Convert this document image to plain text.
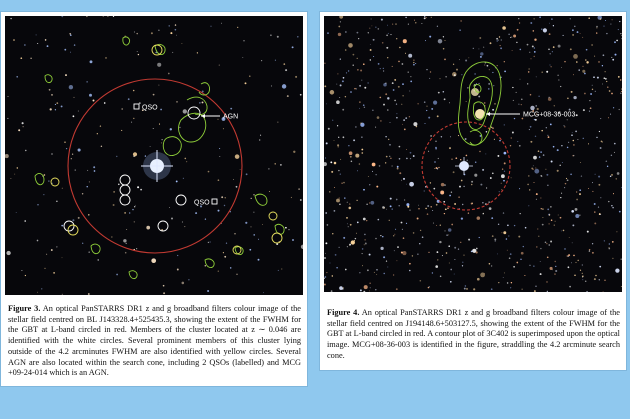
QSO
QSO
AGN

Figure 3. An optical PanSTARRS DR1 z and g broadband filters colour image of the stellar field centred on BL J143328.4+525435.3, showing the extent of the FWHM for the GBT at L-band circled in red. Members of the cluster located at z ∼ 0.046 are identified with the white circles. Several prominent members of this cluster lying outside of the 4.2 arcminutes FWHM are also identified with yellow circles. Several AGN are also located within the search cone, including 2 QSOs (labelled) and MCG +09-24-014 which is an AGN.

MCG+08-36-003

Figure 4. An optical PanSTARRS DR1 z and g broadband filters colour image of the stellar field centred on J194148.6+503127.5, showing the extent of the FWHM for the GBT at L-band circled in red. A contour plot of 3C402 is superimposed upon the optical image. MCG+08-36-003 is identified in the figure, straddling the 4.2 arcminute search cone.
